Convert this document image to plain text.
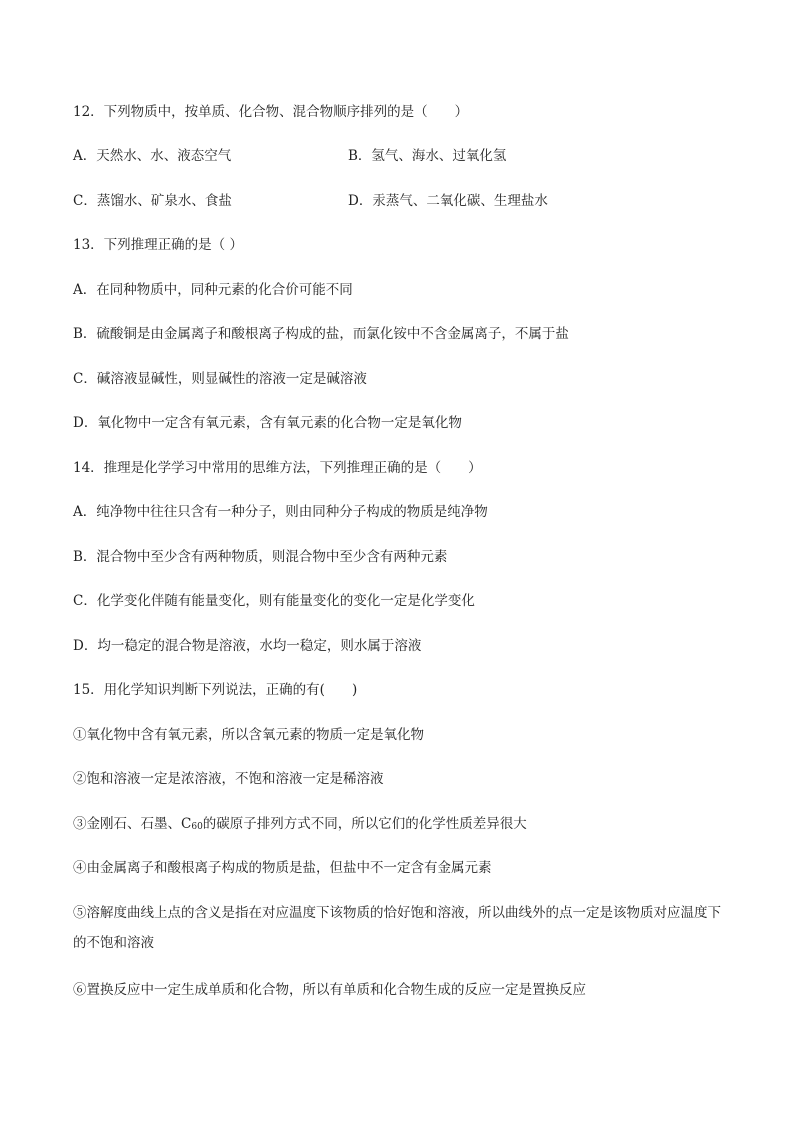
12．下列物质中，按单质、化合物、混合物顺序排列的是（　　）
A．天然水、水、液态空气	B．氢气、海水、过氧化氢
C．蒸馏水、矿泉水、食盐	D．汞蒸气、二氧化碳、生理盐水
13．下列推理正确的是（ ）
A．在同种物质中，同种元素的化合价可能不同
B．硫酸铜是由金属离子和酸根离子构成的盐，而氯化铵中不含金属离子，不属于盐
C．碱溶液显碱性，则显碱性的溶液一定是碱溶液
D．氧化物中一定含有氧元素，含有氧元素的化合物一定是氧化物
14．推理是化学学习中常用的思维方法，下列推理正确的是（　　）
A．纯净物中往往只含有一种分子，则由同种分子构成的物质是纯净物
B．混合物中至少含有两种物质，则混合物中至少含有两种元素
C．化学变化伴随有能量变化，则有能量变化的变化一定是化学变化
D．均一稳定的混合物是溶液，水均一稳定，则水属于溶液
15．用化学知识判断下列说法，正确的有(　　)
①氧化物中含有氧元素，所以含氧元素的物质一定是氧化物
②饱和溶液一定是浓溶液，不饱和溶液一定是稀溶液
③金刚石、石墨、$C_{60}$的碳原子排列方式不同，所以它们的化学性质差异很大
④由金属离子和酸根离子构成的物质是盐，但盐中不一定含有金属元素
⑤溶解度曲线上点的含义是指在对应温度下该物质的恰好饱和溶液，所以曲线外的点一定是该物质对应温度下的不饱和溶液
⑥置换反应中一定生成单质和化合物，所以有单质和化合物生成的反应一定是置换反应
